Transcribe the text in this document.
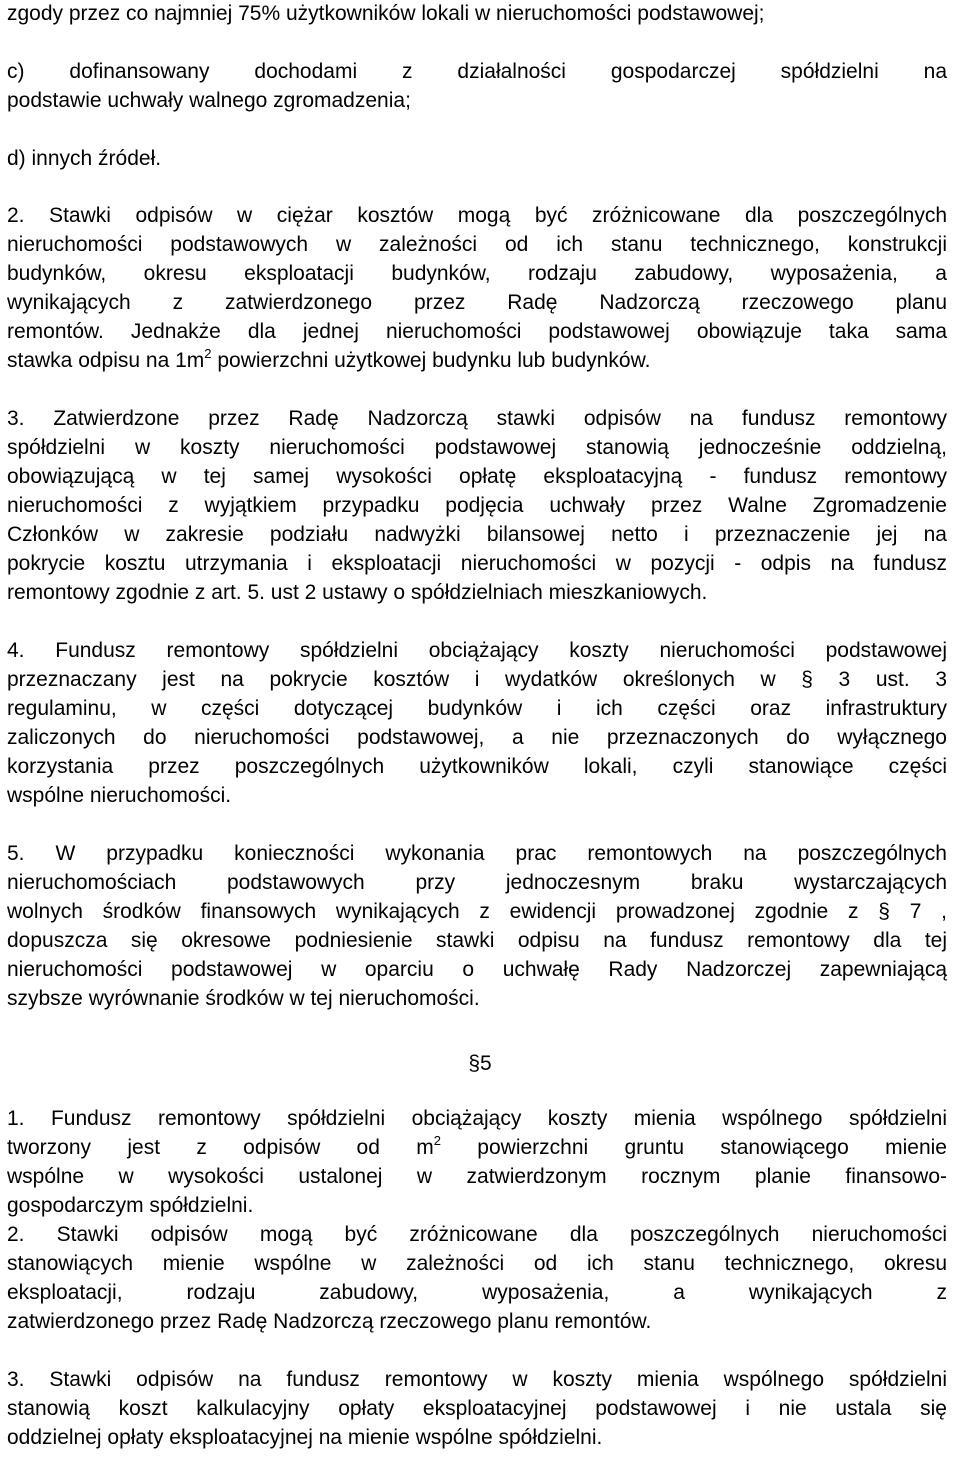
zgody przez co najmniej 75% użytkowników lokali w nieruchomości podstawowej;
c) dofinansowany dochodami z działalności gospodarczej spółdzielni na
podstawie uchwały walnego zgromadzenia;
d) innych źródeł.
2. Stawki odpisów w ciężar kosztów mogą być zróżnicowane dla poszczególnych
nieruchomości podstawowych w zależności od ich stanu technicznego, konstrukcji
budynków, okresu eksploatacji budynków, rodzaju zabudowy, wyposażenia, a
wynikających z zatwierdzonego przez Radę Nadzorczą rzeczowego planu
remontów. Jednakże dla jednej nieruchomości podstawowej obowiązuje taka sama
stawka odpisu na $1m^2$ powierzchni użytkowej budynku lub budynków.
3. Zatwierdzone przez Radę Nadzorczą stawki odpisów na fundusz remontowy
spółdzielni w koszty nieruchomości podstawowej stanowią jednocześnie oddzielną,
obowiązującą w tej samej wysokości opłatę eksploatacyjną - fundusz remontowy
nieruchomości z wyjątkiem przypadku podjęcia uchwały przez Walne Zgromadzenie
Członków w zakresie podziału nadwyżki bilansowej netto i przeznaczenie jej na
pokrycie kosztu utrzymania i eksploatacji nieruchomości w pozycji - odpis na fundusz
remontowy zgodnie z art. 5. ust 2 ustawy o spółdzielniach mieszkaniowych.
4. Fundusz remontowy spółdzielni obciążający koszty nieruchomości podstawowej
przeznaczany jest na pokrycie kosztów i wydatków określonych w § 3 ust. 3
regulaminu, w części dotyczącej budynków i ich części oraz infrastruktury
zaliczonych do nieruchomości podstawowej, a nie przeznaczonych do wyłącznego
korzystania przez poszczególnych użytkowników lokali, czyli stanowiące części
wspólne nieruchomości.
5. W przypadku konieczności wykonania prac remontowych na poszczególnych
nieruchomościach podstawowych przy jednoczesnym braku wystarczających
wolnych środków finansowych wynikających z ewidencji prowadzonej zgodnie z § 7 ,
dopuszcza się okresowe podniesienie stawki odpisu na fundusz remontowy dla tej
nieruchomości podstawowej w oparciu o uchwałę Rady Nadzorczej zapewniającą
szybsze wyrównanie środków w tej nieruchomości.
§5
1. Fundusz remontowy spółdzielni obciążający koszty mienia wspólnego spółdzielni
tworzony jest z odpisów od $m^2$ powierzchni gruntu stanowiącego mienie
wspólne w wysokości ustalonej w zatwierdzonym rocznym planie finansowo-
gospodarczym spółdzielni.
2. Stawki odpisów mogą być zróżnicowane dla poszczególnych nieruchomości
stanowiących mienie wspólne w zależności od ich stanu technicznego, okresu
eksploatacji, rodzaju zabudowy, wyposażenia, a wynikających z
zatwierdzonego przez Radę Nadzorczą rzeczowego planu remontów.
3. Stawki odpisów na fundusz remontowy w koszty mienia wspólnego spółdzielni
stanowią koszt kalkulacyjny opłaty eksploatacyjnej podstawowej i nie ustala się
oddzielnej opłaty eksploatacyjnej na mienie wspólne spółdzielni.
